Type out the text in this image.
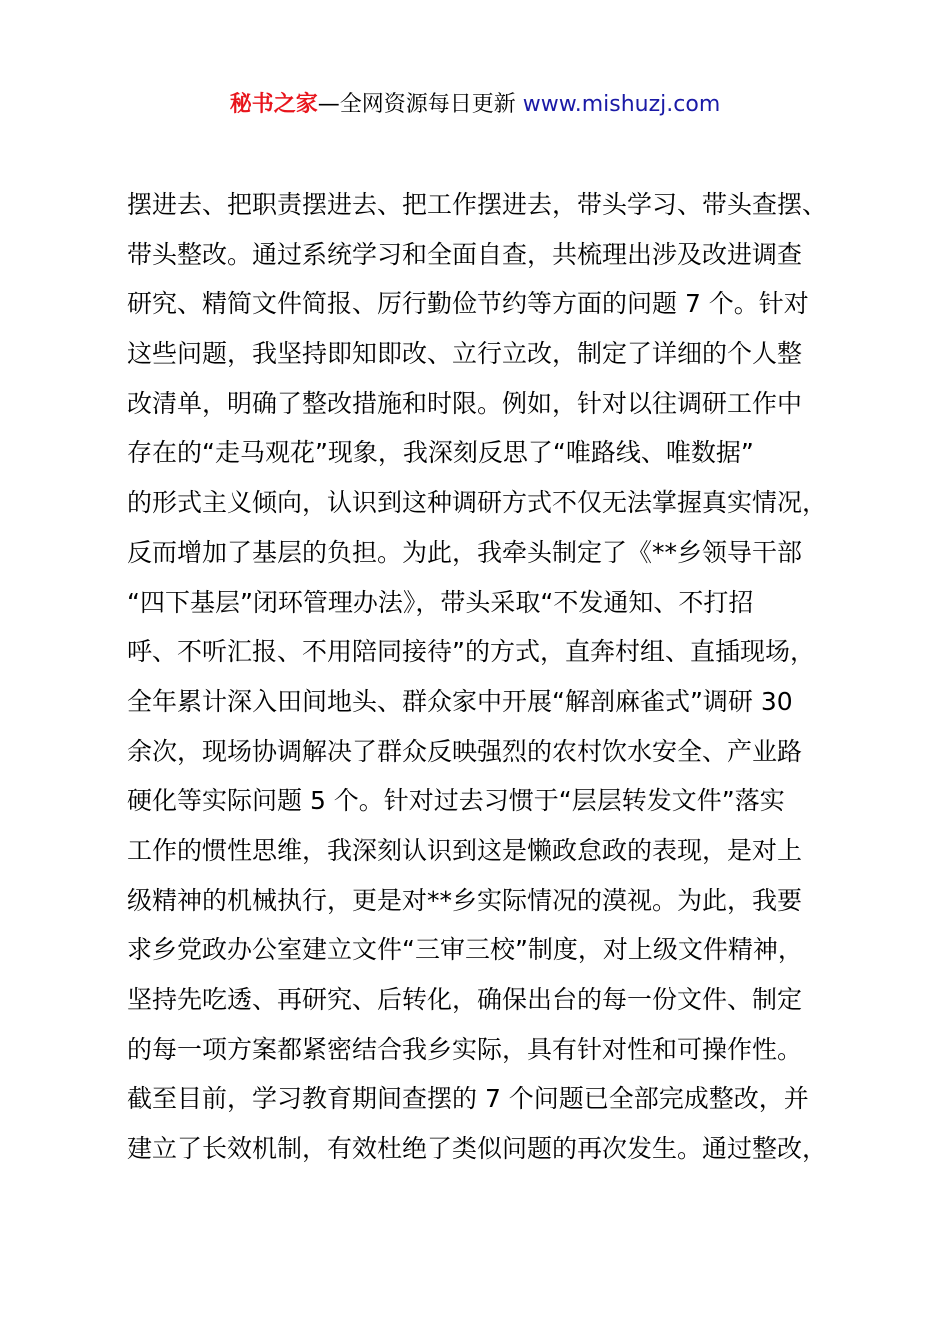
秘书之家—全网资源每日更新 www.mishuzj.com
摆进去、把职责摆进去、把工作摆进去，带头学习、带头查摆、
带头整改。通过系统学习和全面自查，共梳理出涉及改进调查
研究、精简文件简报、厉行勤俭节约等方面的问题 7 个。针对
这些问题，我坚持即知即改、立行立改，制定了详细的个人整
改清单，明确了整改措施和时限。例如，针对以往调研工作中
存在的“走马观花”现象，我深刻反思了“唯路线、唯数据”
的形式主义倾向，认识到这种调研方式不仅无法掌握真实情况，
反而增加了基层的负担。为此，我牵头制定了《**乡领导干部
“四下基层”闭环管理办法》，带头采取“不发通知、不打招
呼、不听汇报、不用陪同接待”的方式，直奔村组、直插现场，
全年累计深入田间地头、群众家中开展“解剖麻雀式”调研 30
余次，现场协调解决了群众反映强烈的农村饮水安全、产业路
硬化等实际问题 5 个。针对过去习惯于“层层转发文件”落实
工作的惯性思维，我深刻认识到这是懒政怠政的表现，是对上
级精神的机械执行，更是对**乡实际情况的漠视。为此，我要
求乡党政办公室建立文件“三审三校”制度，对上级文件精神，
坚持先吃透、再研究、后转化，确保出台的每一份文件、制定
的每一项方案都紧密结合我乡实际，具有针对性和可操作性。
截至目前，学习教育期间查摆的 7 个问题已全部完成整改，并
建立了长效机制，有效杜绝了类似问题的再次发生。通过整改，
